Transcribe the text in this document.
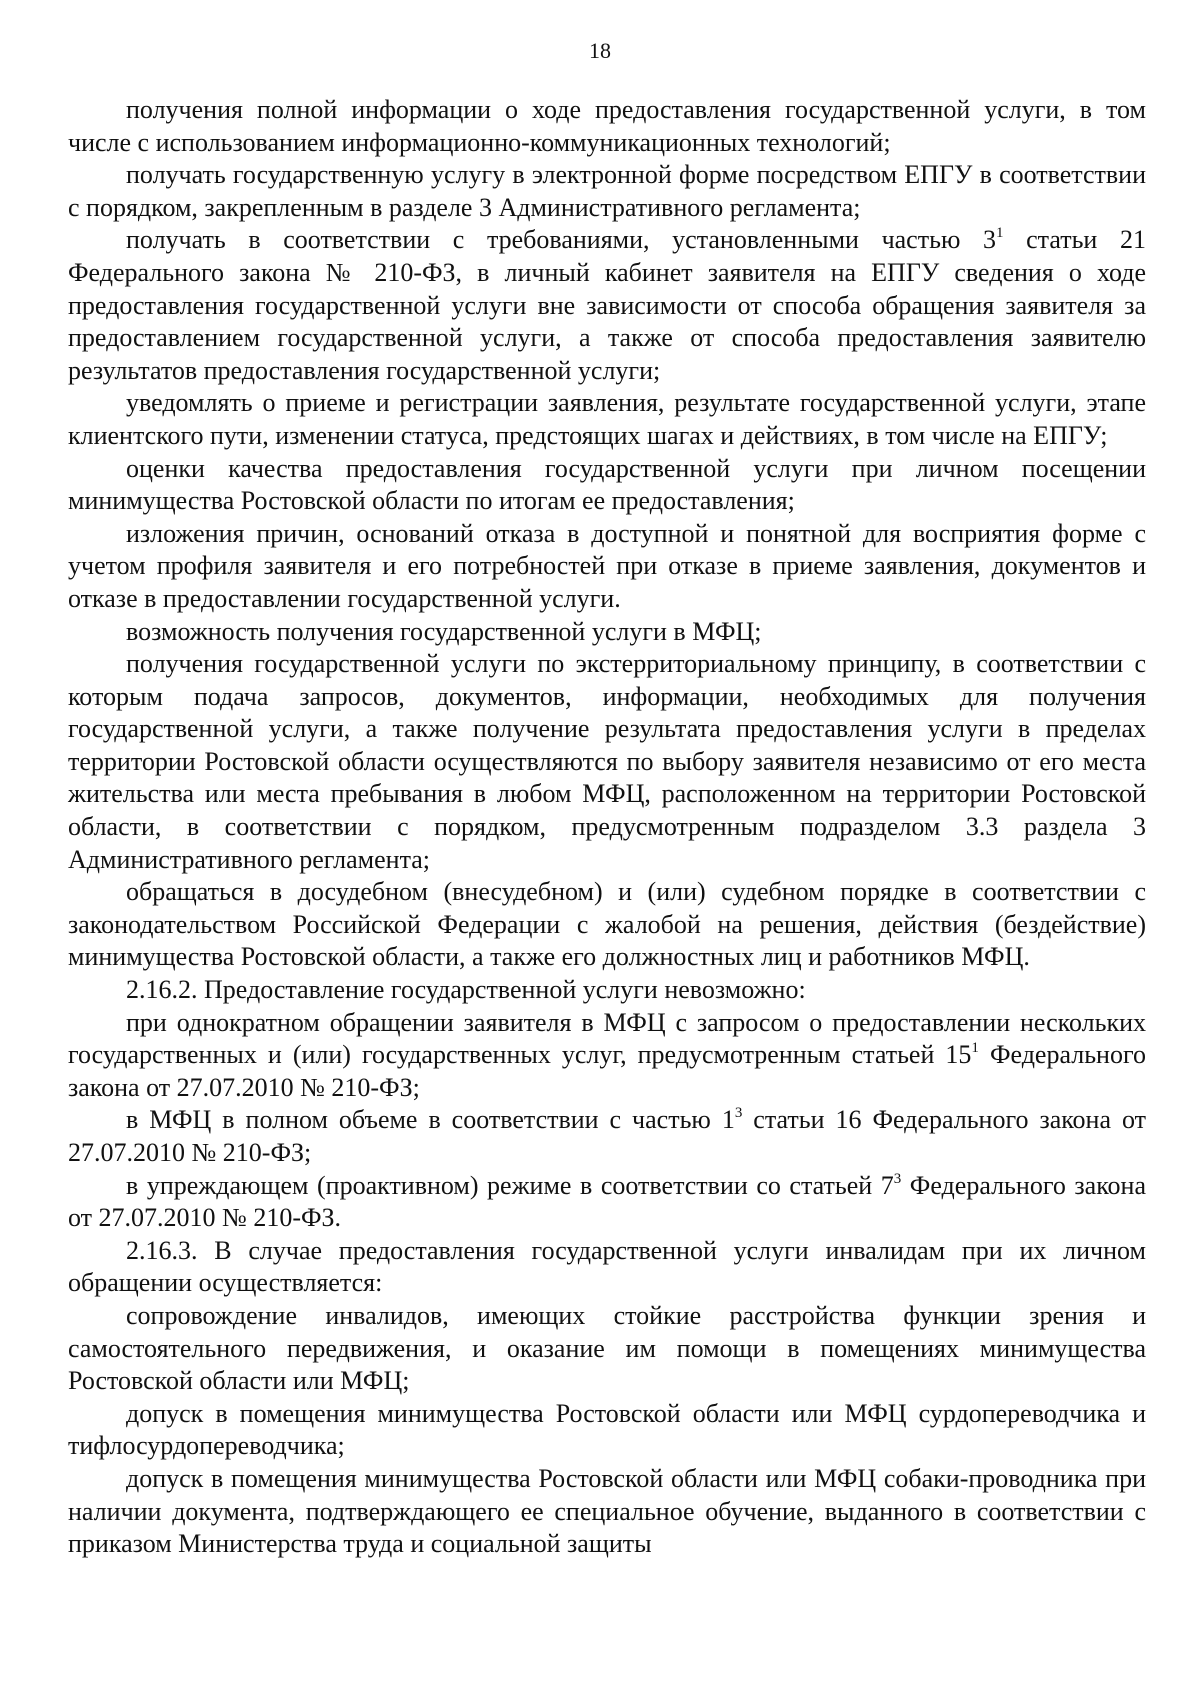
18

получения полной информации о ходе предоставления государственной услуги, в том числе с использованием информационно-коммуникационных технологий;

получать государственную услугу в электронной форме посредством ЕПГУ в соответствии с порядком, закрепленным в разделе 3 Административного регламента;

получать в соответствии с требованиями, установленными частью $3^1$ статьи 21 Федерального закона № 210-ФЗ, в личный кабинет заявителя на ЕПГУ сведения о ходе предоставления государственной услуги вне зависимости от способа обращения заявителя за предоставлением государственной услуги, а также от способа предоставления заявителю результатов предоставления государственной услуги;

уведомлять о приеме и регистрации заявления, результате государственной услуги, этапе клиентского пути, изменении статуса, предстоящих шагах и действиях, в том числе на ЕПГУ;

оценки качества предоставления государственной услуги при личном посещении минимущества Ростовской области по итогам ее предоставления;

изложения причин, оснований отказа в доступной и понятной для восприятия форме с учетом профиля заявителя и его потребностей при отказе в приеме заявления, документов и отказе в предоставлении государственной услуги.

возможность получения государственной услуги в МФЦ;

получения государственной услуги по экстерриториальному принципу, в соответствии с которым подача запросов, документов, информации, необходимых для получения государственной услуги, а также получение результата предоставления услуги в пределах территории Ростовской области осуществляются по выбору заявителя независимо от его места жительства или места пребывания в любом МФЦ, расположенном на территории Ростовской области, в соответствии с порядком, предусмотренным подразделом 3.3 раздела 3 Административного регламента;

обращаться в досудебном (внесудебном) и (или) судебном порядке в соответствии с законодательством Российской Федерации с жалобой на решения, действия (бездействие) минимущества Ростовской области, а также его должностных лиц и работников МФЦ.

2.16.2. Предоставление государственной услуги невозможно:

при однократном обращении заявителя в МФЦ с запросом о предоставлении нескольких государственных и (или) государственных услуг, предусмотренным статьей $15^1$ Федерального закона от 27.07.2010 № 210-ФЗ;

в МФЦ в полном объеме в соответствии с частью $1^3$ статьи 16 Федерального закона от 27.07.2010 № 210-ФЗ;

в упреждающем (проактивном) режиме в соответствии со статьей $7^3$ Федерального закона от 27.07.2010 № 210-ФЗ.

2.16.3. В случае предоставления государственной услуги инвалидам при их личном обращении осуществляется:

сопровождение инвалидов, имеющих стойкие расстройства функции зрения и самостоятельного передвижения, и оказание им помощи в помещениях минимущества Ростовской области или МФЦ;

допуск в помещения минимущества Ростовской области или МФЦ сурдопереводчика и тифлосурдопереводчика;

допуск в помещения минимущества Ростовской области или МФЦ собаки-проводника при наличии документа, подтверждающего ее специальное обучение, выданного в соответствии с приказом Министерства труда и социальной защиты
